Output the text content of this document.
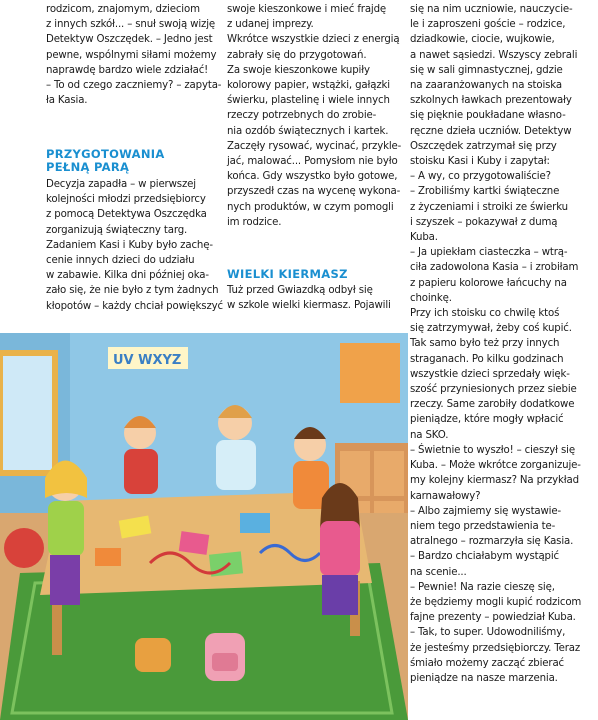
rodzicom, znajomym, dzieciom

z innych szkół... – snuł swoją wizję

Detektyw Oszczędek. – Jedno jest

pewne, wspólnymi siłami możemy

naprawdę bardzo wiele zdziałać!

– To od czego zaczniemy? – zapyta-

ła Kasia.

PRZYGOTOWANIA

PEŁNĄ PARĄ

Decyzja zapadła – w pierwszej

kolejności młodzi przedsiębiorcy

z pomocą Detektywa Oszczędka

zorganizują świąteczny targ.

Zadaniem Kasi i Kuby było zachę-

cenie innych dzieci do udziału

w zabawie. Kilka dni później oka-

zało się, że nie było z tym żadnych

kłopotów – każdy chciał powiększyć

swoje kieszonkowe i mieć frajdę

z udanej imprezy.

Wkrótce wszystkie dzieci z energią

zabrały się do przygotowań.

Za swoje kieszonkowe kupiły

kolorowy papier, wstążki, gałązki

świerku, plastelinę i wiele innych

rzeczy potrzebnych do zrobie-

nia ozdób świątecznych i kartek.

Zaczęły rysować, wycinać, przykle-

jać, malować... Pomysłom nie było

końca. Gdy wszystko było gotowe,

przyszedł czas na wycenę wykona-

nych produktów, w czym pomogli

im rodzice.

WIELKI KIERMASZ

Tuż przed Gwiazdką odbył się

w szkole wielki kiermasz. Pojawili

się na nim uczniowie, nauczycie-

le i zaproszeni goście – rodzice,

dziadkowie, ciocie, wujkowie,

a nawet sąsiedzi. Wszyscy zebrali

się w sali gimnastycznej, gdzie

na zaaranżowanych na stoiska

szkolnych ławkach prezentowały

się pięknie poukładane własno-

ręczne dzieła uczniów. Detektyw

Oszczędek zatrzymał się przy

stoisku Kasi i Kuby i zapytał:

– A wy, co przygotowaliście?

– Zrobiliśmy kartki świąteczne

z życzeniami i stroiki ze świerku

i szyszek – pokazywał z dumą

Kuba.

– Ja upiekłam ciasteczka – wtrą-

ciła zadowolona Kasia – i zrobiłam

z papieru kolorowe łańcuchy na

choinkę.

Przy ich stoisku co chwilę ktoś

się zatrzymywał, żeby coś kupić.

Tak samo było też przy innych

straganach. Po kilku godzinach

wszystkie dzieci sprzedały więk-

szość przyniesionych przez siebie

rzeczy. Same zarobiły dodatkowe

pieniądze, które mogły wpłacić

na SKO.

– Świetnie to wyszło! – cieszył się

Kuba. – Może wkrótce zorganizuje-

my kolejny kiermasz? Na przykład

karnawałowy?

– Albo zajmiemy się wystawie-

niem tego przedstawienia te-

atralnego – rozmarzyła się Kasia.

– Bardzo chciałabym wystąpić

na scenie...

– Pewnie! Na razie cieszę się,

że będziemy mogli kupić rodzicom

fajne prezenty – powiedział Kuba.

– Tak, to super. Udowodniliśmy,

że jesteśmy przedsiębiorczy. Teraz

śmiało możemy zacząć zbierać

pieniądze na nasze marzenia.

UV WXYZ
